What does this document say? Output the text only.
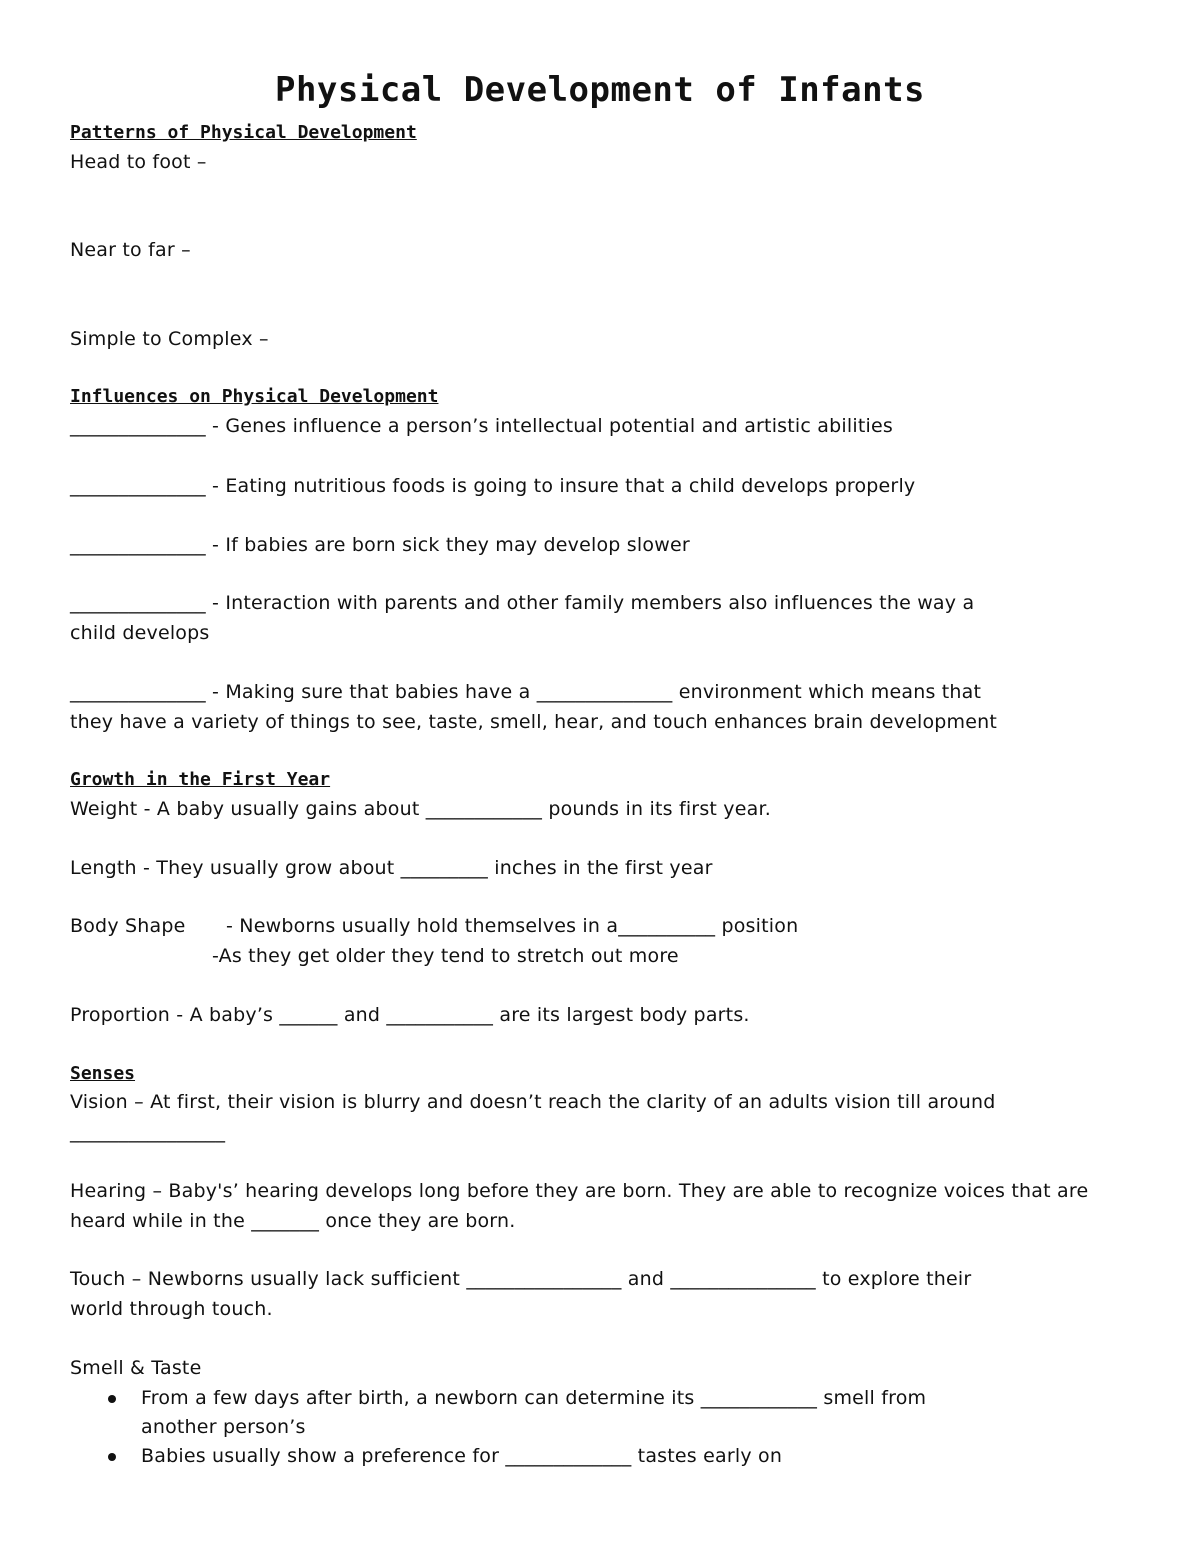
Physical Development of Infants
Patterns of Physical Development
Head to foot –
Near to far –
Simple to Complex –
Influences on Physical Development
______________ - Genes influence a person’s intellectual potential and artistic abilities
______________ - Eating nutritious foods is going to insure that a child develops properly
______________ - If babies are born sick they may develop slower
______________ - Interaction with parents and other family members also influences the way a
child develops
______________ - Making sure that babies have a ______________ environment which means that
they have a variety of things to see, taste, smell, hear, and touch enhances brain development
Growth in the First Year
Weight - A baby usually gains about ____________ pounds in its first year.
Length - They usually grow about _________ inches in the first year
Body Shape - Newborns usually hold themselves in a__________ position
-As they get older they tend to stretch out more
Proportion - A baby’s ______ and ___________ are its largest body parts.
Senses
Vision – At first, their vision is blurry and doesn’t reach the clarity of an adults vision till around
________________
Hearing – Baby's’ hearing develops long before they are born. They are able to recognize voices that are
heard while in the _______ once they are born.
Touch – Newborns usually lack sufficient ________________ and _______________ to explore their
world through touch.
Smell & Taste
From a few days after birth, a newborn can determine its ____________ smell from
another person’s
Babies usually show a preference for _____________ tastes early on
